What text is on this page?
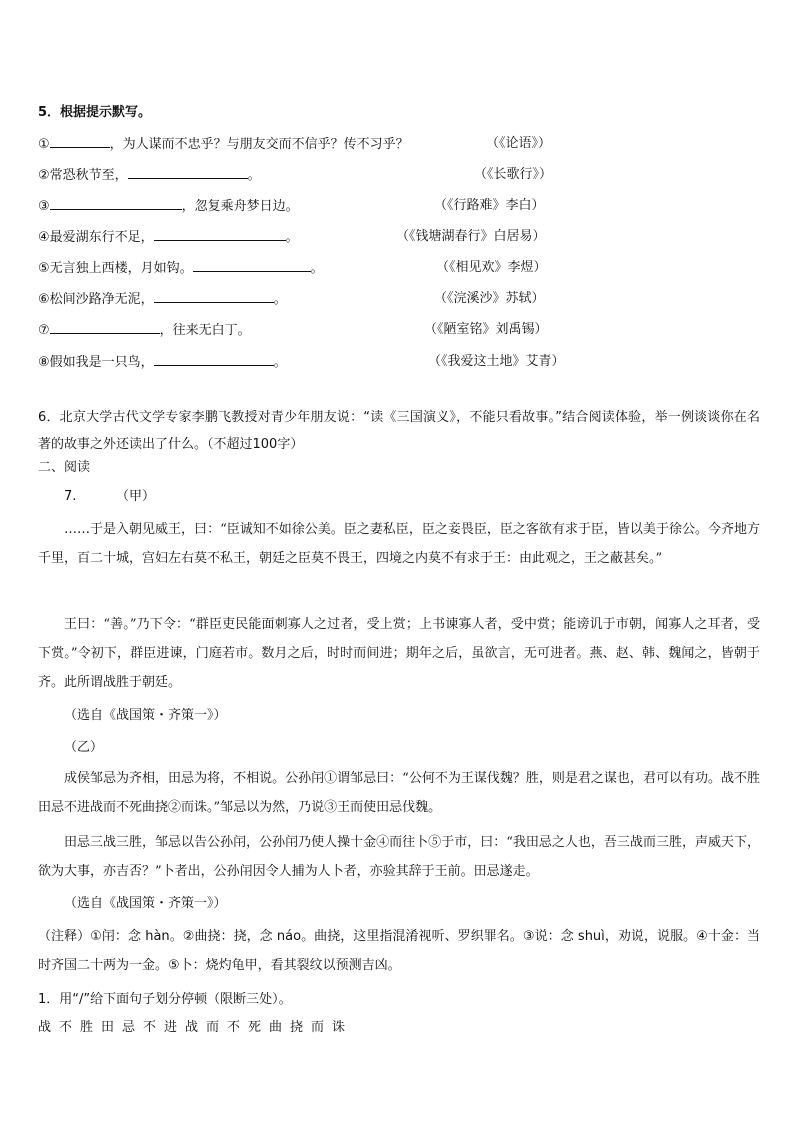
5．根据提示默写。
①	，为人谋而不忠乎？与朋友交而不信乎？传不习乎？	（《论语》）
②常恐秋节至，	。	（《长歌行》）
③	，忽复乘舟梦日边。	（《行路难》李白）
④最爱湖东行不足，	。	（《钱塘湖春行》白居易）
⑤无言独上西楼，月如钩。	。	（《相见欢》李煜）
⑥松间沙路净无泥，	。	（《浣溪沙》苏轼）
⑦	，往来无白丁。	（《陋室铭》刘禹锡）
⑧假如我是一只鸟，	。	（《我爱这土地》艾青）
6．北京大学古代文学专家李鹏飞教授对青少年朋友说：“读《三国演义》，不能只看故事。”结合阅读体验，举一例谈谈你在名著的故事之外还读出了什么。（不超过100字）
二、阅读
7.	（甲）
……于是入朝见威王，曰：“臣诚知不如徐公美。臣之妻私臣，臣之妾畏臣，臣之客欲有求于臣，皆以美于徐公。今齐地方千里，百二十城，宫妇左右莫不私王，朝廷之臣莫不畏王，四境之内莫不有求于王：由此观之，王之蔽甚矣。”
王曰：“善。”乃下令：“群臣吏民能面刺寡人之过者，受上赏；上书谏寡人者，受中赏；能谤讥于市朝，闻寡人之耳者，受下赏。”令初下，群臣进谏，门庭若市。数月之后，时时而间进；期年之后，虽欲言，无可进者。燕、赵、韩、魏闻之，皆朝于齐。此所谓战胜于朝廷。
（选自《战国策・齐策一》）
（乙）
成侯邹忌为齐相，田忌为将，不相说。公孙闬①谓邹忌曰：“公何不为王谋伐魏？胜，则是君之谋也，君可以有功。战不胜田忌不进战而不死曲挠②而诛。”邹忌以为然，乃说③王而使田忌伐魏。
田忌三战三胜，邹忌以告公孙闬，公孙闬乃使人操十金④而往卜⑤于市，曰：“我田忌之人也，吾三战而三胜，声威天下，欲为大事，亦吉否？”卜者出，公孙闬因令人捕为人卜者，亦验其辞于王前。田忌遂走。
（选自《战国策・齐策一》）
（注释）①闬：念 hàn。②曲挠：挠，念 náo。曲挠，这里指混淆视听、罗织罪名。③说：念 shuì，劝说，说服。④十金：当时齐国二十两为一金。⑤卜：烧灼龟甲，看其裂纹以预测吉凶。
1．用“/”给下面句子划分停顿（限断三处）。
战不胜田忌不进战而不死曲挠而诛
